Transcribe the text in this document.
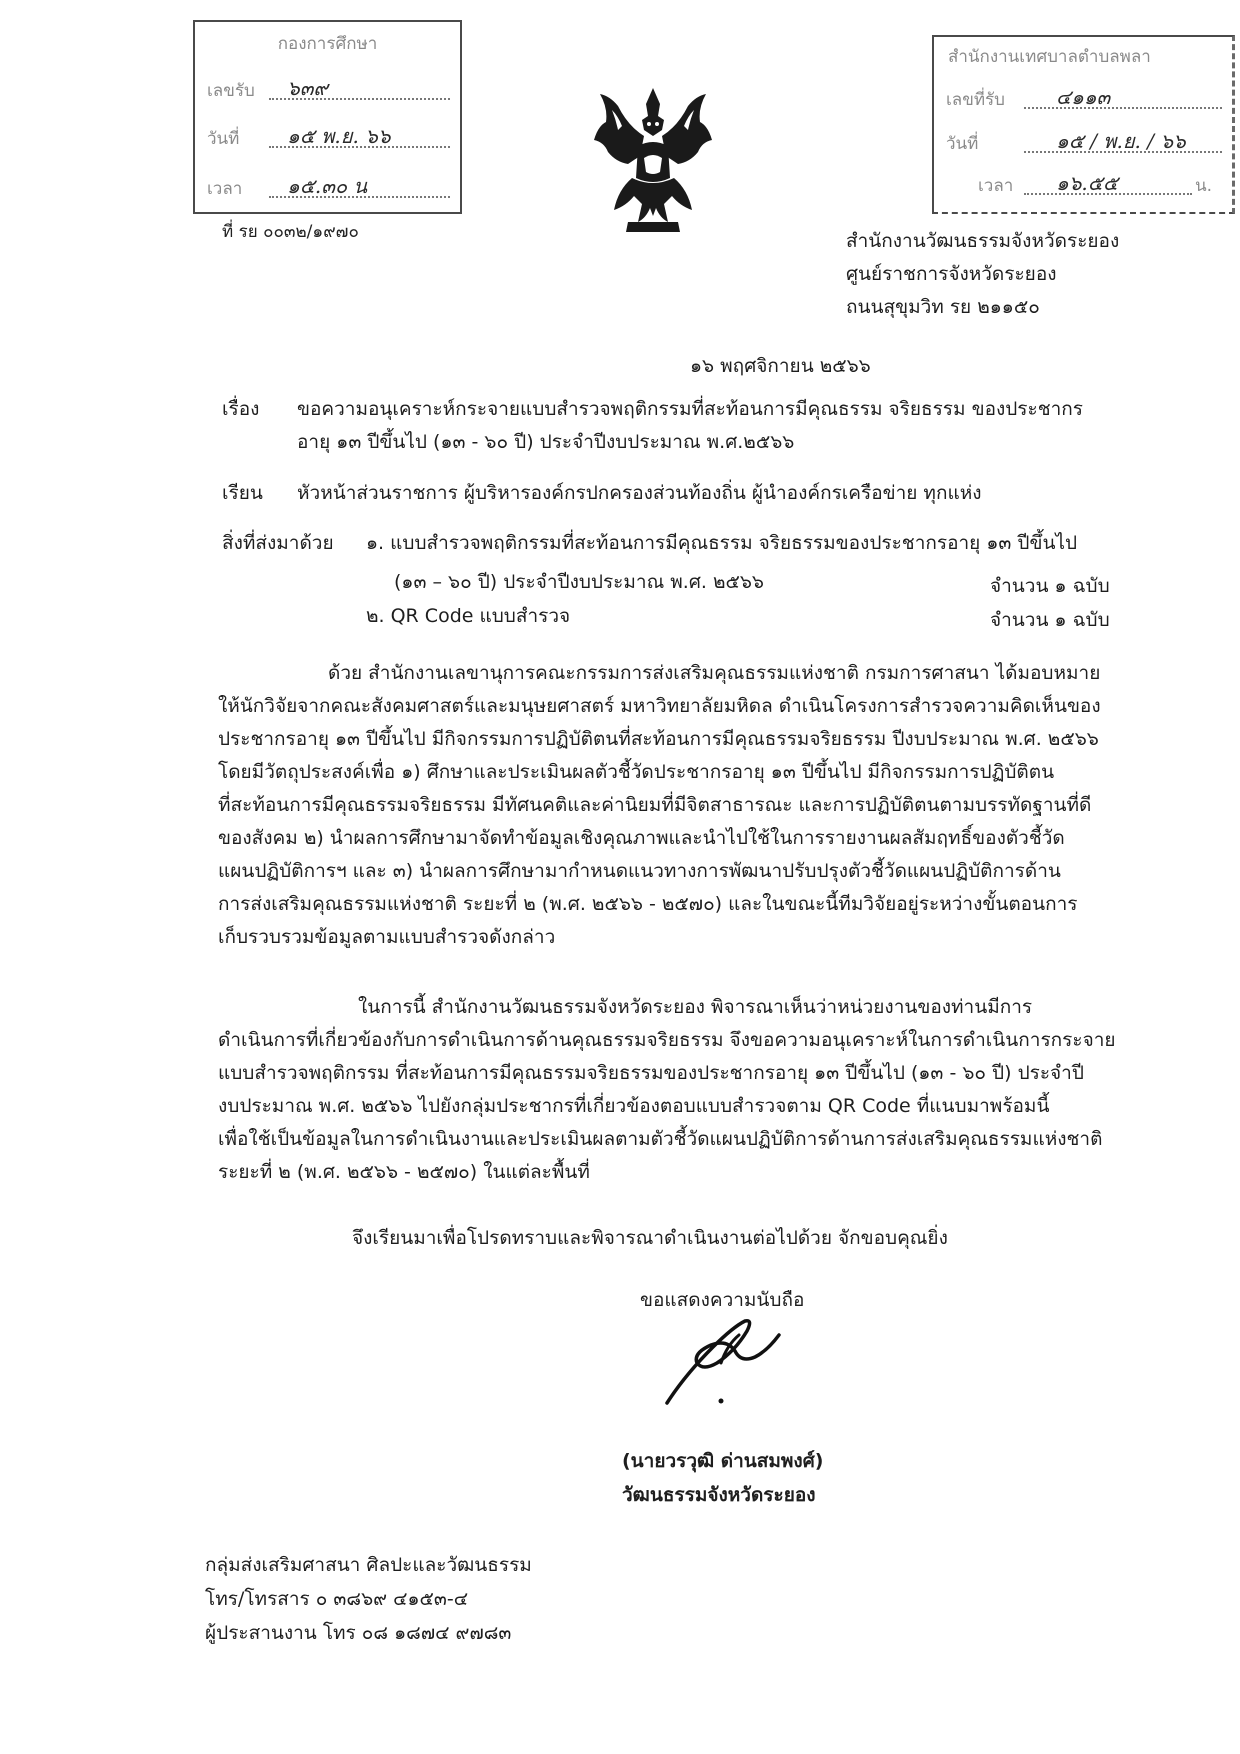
กองการศึกษา
เลขรับ ๖๓๙
วันที่ ๑๕ พ.ย. ๖๖
เวลา ๑๕.๓๐ น
ที่ รย ๐๐๓๒/๑๙๗๐
สำนักงานเทศบาลตำบลพลา
เลขที่รับ	๔๑๑๓
วันที่	๑๕ / พ.ย. / ๖๖
เวลา ๑๖.๕๕	น.
สำนักงานวัฒนธรรมจังหวัดระยอง
ศูนย์ราชการจังหวัดระยอง
ถนนสุขุมวิท รย ๒๑๑๕๐
๑๖ พฤศจิกายน ๒๕๖๖
เรื่อง ขอความอนุเคราะห์กระจายแบบสำรวจพฤติกรรมที่สะท้อนการมีคุณธรรม จริยธรรม ของประชากร
อายุ ๑๓ ปีขึ้นไป (๑๓ - ๖๐ ปี) ประจำปีงบประมาณ พ.ศ.๒๕๖๖
เรียน หัวหน้าส่วนราชการ ผู้บริหารองค์กรปกครองส่วนท้องถิ่น ผู้นำองค์กรเครือข่าย ทุกแห่ง
สิ่งที่ส่งมาด้วย ๑. แบบสำรวจพฤติกรรมที่สะท้อนการมีคุณธรรม จริยธรรมของประชากรอายุ ๑๓ ปีขึ้นไป
(๑๓ – ๖๐ ปี) ประจำปีงบประมาณ พ.ศ. ๒๕๖๖	จำนวน ๑ ฉบับ
๒. QR Code แบบสำรวจ	จำนวน ๑ ฉบับ
ด้วย สำนักงานเลขานุการคณะกรรมการส่งเสริมคุณธรรมแห่งชาติ กรมการศาสนา ได้มอบหมาย
ให้นักวิจัยจากคณะสังคมศาสตร์และมนุษยศาสตร์ มหาวิทยาลัยมหิดล ดำเนินโครงการสำรวจความคิดเห็นของ
ประชากรอายุ ๑๓ ปีขึ้นไป มีกิจกรรมการปฏิบัติตนที่สะท้อนการมีคุณธรรมจริยธรรม ปีงบประมาณ พ.ศ. ๒๕๖๖
โดยมีวัตถุประสงค์เพื่อ ๑) ศึกษาและประเมินผลตัวชี้วัดประชากรอายุ ๑๓ ปีขึ้นไป มีกิจกรรมการปฏิบัติตน
ที่สะท้อนการมีคุณธรรมจริยธรรม มีทัศนคติและค่านิยมที่มีจิตสาธารณะ และการปฏิบัติตนตามบรรทัดฐานที่ดี
ของสังคม ๒) นำผลการศึกษามาจัดทำข้อมูลเชิงคุณภาพและนำไปใช้ในการรายงานผลสัมฤทธิ์ของตัวชี้วัด
แผนปฏิบัติการฯ และ ๓) นำผลการศึกษามากำหนดแนวทางการพัฒนาปรับปรุงตัวชี้วัดแผนปฏิบัติการด้าน
การส่งเสริมคุณธรรมแห่งชาติ ระยะที่ ๒ (พ.ศ. ๒๕๖๖ - ๒๕๗๐) และในขณะนี้ทีมวิจัยอยู่ระหว่างขั้นตอนการ
เก็บรวบรวมข้อมูลตามแบบสำรวจดังกล่าว
ในการนี้ สำนักงานวัฒนธรรมจังหวัดระยอง พิจารณาเห็นว่าหน่วยงานของท่านมีการ
ดำเนินการที่เกี่ยวข้องกับการดำเนินการด้านคุณธรรมจริยธรรม จึงขอความอนุเคราะห์ในการดำเนินการกระจาย
แบบสำรวจพฤติกรรม ที่สะท้อนการมีคุณธรรมจริยธรรมของประชากรอายุ ๑๓ ปีขึ้นไป (๑๓ - ๖๐ ปี) ประจำปี
งบประมาณ พ.ศ. ๒๕๖๖ ไปยังกลุ่มประชากรที่เกี่ยวข้องตอบแบบสำรวจตาม QR Code ที่แนบมาพร้อมนี้
เพื่อใช้เป็นข้อมูลในการดำเนินงานและประเมินผลตามตัวชี้วัดแผนปฏิบัติการด้านการส่งเสริมคุณธรรมแห่งชาติ
ระยะที่ ๒ (พ.ศ. ๒๕๖๖ - ๒๕๗๐) ในแต่ละพื้นที่
จึงเรียนมาเพื่อโปรดทราบและพิจารณาดำเนินงานต่อไปด้วย จักขอบคุณยิ่ง
ขอแสดงความนับถือ
(นายวรวุฒิ ด่านสมพงศ์)
วัฒนธรรมจังหวัดระยอง
กลุ่มส่งเสริมศาสนา ศิลปะและวัฒนธรรม
โทร/โทรสาร ๐ ๓๘๖๙ ๔๑๕๓-๔
ผู้ประสานงาน โทร ๐๘ ๑๘๗๔ ๙๗๘๓
